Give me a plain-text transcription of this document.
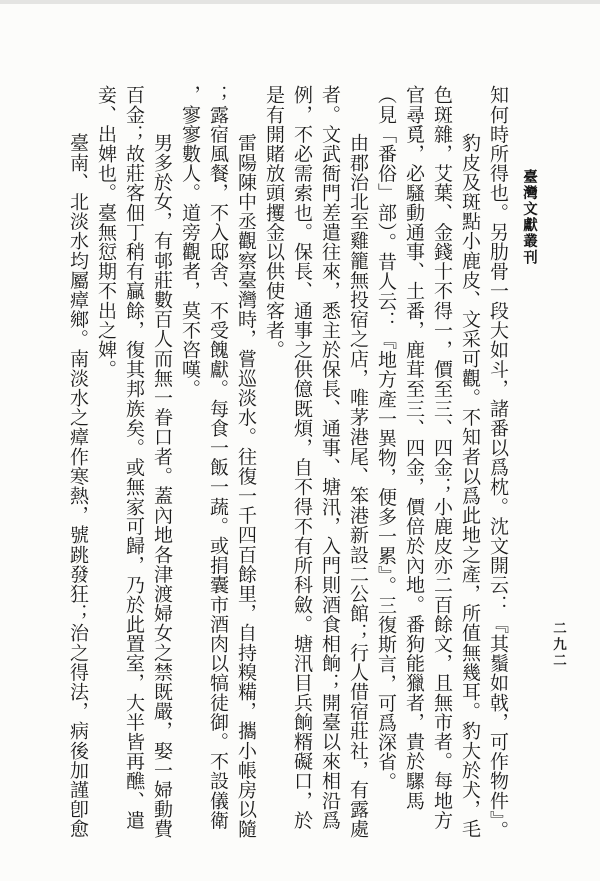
臺灣文獻叢刊
二九二
知何時所得也。另肋骨一段大如斗，諸番以爲枕。沈文開云：『其鬚如戟，可作物件』。
豹皮及斑點小鹿皮、文采可觀。不知者以爲此地之產，所值無幾耳。豹大於犬，毛
色斑雜，艾葉、金錢十不得一，價至三、四金；小鹿皮亦二百餘文，且無市者。每地方
官尋覓，必騷動通事、土番，鹿茸至三、四金，價倍於內地。番狗能獵者，貴於騾馬
（見「番俗」部）。昔人云：『地方產一異物，便多一累』。三復斯言，可爲深省。
由郡治北至雞籠無投宿之店，唯茅港尾、笨港新設二公館；行人借宿莊社，有露處
者。文武衙門差遣往來，悉主於保長、通事、塘汛，入門則酒食相餉；開臺以來相沿爲
例，不必需索也。保長、通事之供億既煩，自不得不有所科斂。塘汛目兵餉糈礙口，於
是有開賭放頭攫金以供使客者。
雷陽陳中丞觀察臺灣時，嘗巡淡水。往復一千四百餘里，自持糗糒，攜小帳房以隨
；露宿風餐，不入邸舍、不受餽獻。每食一飯一蔬。或捐囊市酒肉以犒徒御。不設儀衛
，寥寥數人。道旁觀者，莫不咨嘆。
男多於女，有邨莊數百人而無一眷口者。蓋內地各津渡婦女之禁既嚴，娶一婦動費
百金；故莊客佃丁稍有贏餘，復其邦族矣。或無家可歸，乃於此置室，大半皆再醮、遣
妾、出婢也。臺無愆期不出之婢。
臺南、北淡水均屬瘴鄉。南淡水之瘴作寒熱，號跳發狂；治之得法，病後加謹卽愈
